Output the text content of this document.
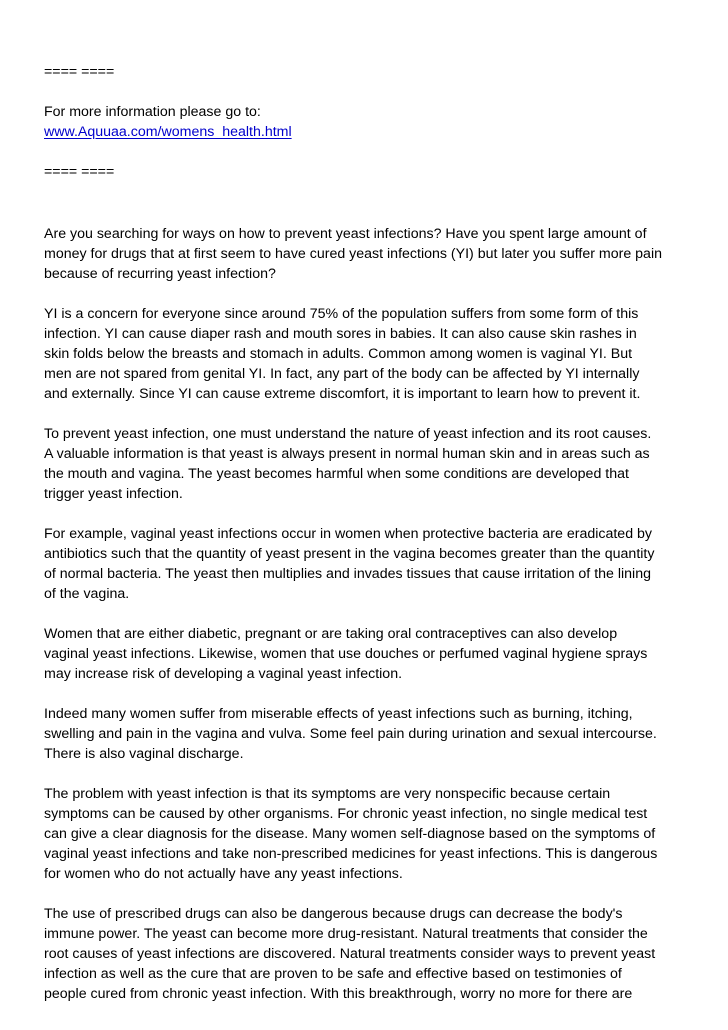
==== ====
For more information please go to:
www.Aquuaa.com/womens_health.html
==== ====

Are you searching for ways on how to prevent yeast infections? Have you spent large amount of
money for drugs that at first seem to have cured yeast infections (YI) but later you suffer more pain
because of recurring yeast infection?

YI is a concern for everyone since around 75% of the population suffers from some form of this
infection. YI can cause diaper rash and mouth sores in babies. It can also cause skin rashes in
skin folds below the breasts and stomach in adults. Common among women is vaginal YI. But
men are not spared from genital YI. In fact, any part of the body can be affected by YI internally
and externally. Since YI can cause extreme discomfort, it is important to learn how to prevent it.

To prevent yeast infection, one must understand the nature of yeast infection and its root causes.
A valuable information is that yeast is always present in normal human skin and in areas such as
the mouth and vagina. The yeast becomes harmful when some conditions are developed that
trigger yeast infection.

For example, vaginal yeast infections occur in women when protective bacteria are eradicated by
antibiotics such that the quantity of yeast present in the vagina becomes greater than the quantity
of normal bacteria. The yeast then multiplies and invades tissues that cause irritation of the lining
of the vagina.

Women that are either diabetic, pregnant or are taking oral contraceptives can also develop
vaginal yeast infections. Likewise, women that use douches or perfumed vaginal hygiene sprays
may increase risk of developing a vaginal yeast infection.

Indeed many women suffer from miserable effects of yeast infections such as burning, itching,
swelling and pain in the vagina and vulva. Some feel pain during urination and sexual intercourse.
There is also vaginal discharge.

The problem with yeast infection is that its symptoms are very nonspecific because certain
symptoms can be caused by other organisms. For chronic yeast infection, no single medical test
can give a clear diagnosis for the disease. Many women self-diagnose based on the symptoms of
vaginal yeast infections and take non-prescribed medicines for yeast infections. This is dangerous
for women who do not actually have any yeast infections.

The use of prescribed drugs can also be dangerous because drugs can decrease the body's
immune power. The yeast can become more drug-resistant. Natural treatments that consider the
root causes of yeast infections are discovered. Natural treatments consider ways to prevent yeast
infection as well as the cure that are proven to be safe and effective based on testimonies of
people cured from chronic yeast infection. With this breakthrough, worry no more for there are
